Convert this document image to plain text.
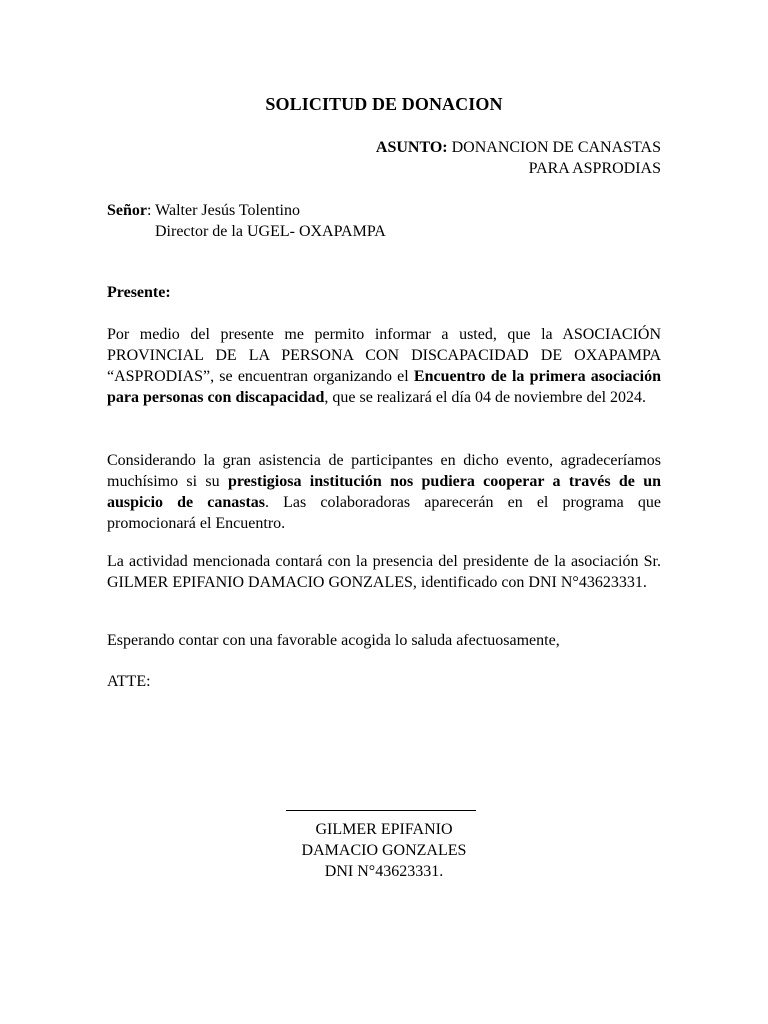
SOLICITUD DE DONACION
ASUNTO: DONANCION DE CANASTAS
PARA ASPRODIAS
Señor: Walter Jesús Tolentino
Director de la UGEL- OXAPAMPA
Presente:
Por medio del presente me permito informar a usted, que la ASOCIACIÓN PROVINCIAL DE LA PERSONA CON DISCAPACIDAD DE OXAPAMPA “ASPRODIAS”, se encuentran organizando el Encuentro de la primera asociación para personas con discapacidad, que se realizará el día 04 de noviembre del 2024.
Considerando la gran asistencia de participantes en dicho evento, agradeceríamos muchísimo si su prestigiosa institución nos pudiera cooperar a través de un auspicio de canastas. Las colaboradoras aparecerán en el programa que promocionará el Encuentro.
La actividad mencionada contará con la presencia del presidente de la asociación Sr. GILMER EPIFANIO DAMACIO GONZALES, identificado con DNI N°43623331.
Esperando contar con una favorable acogida lo saluda afectuosamente,
ATTE:
GILMER EPIFANIO
DAMACIO GONZALES
DNI N°43623331.
